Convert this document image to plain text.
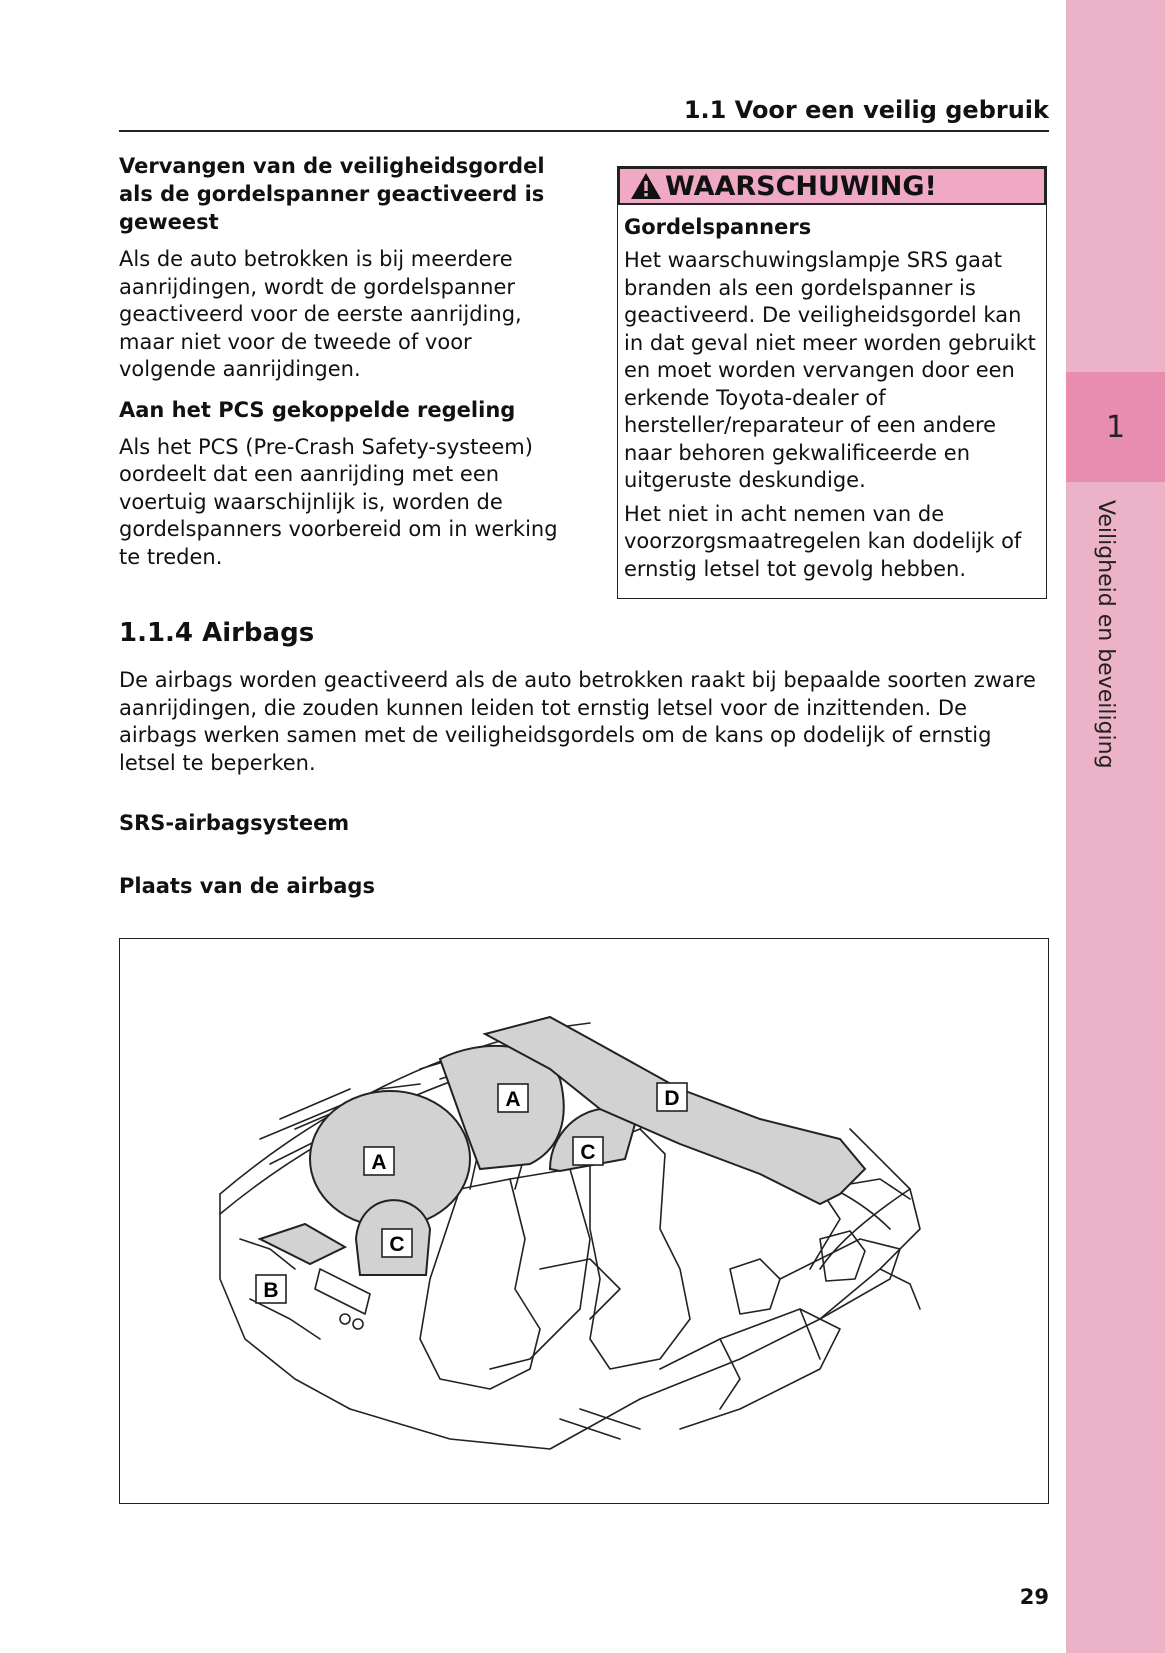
1
Veiligheid en beveiliging
1.1 Voor een veilig gebruik
Vervangen van de veiligheidsgordel als de gordelspanner geactiveerd is geweest

Als de auto betrokken is bij meerdere aanrijdingen, wordt de gordelspanner geactiveerd voor de eerste aanrijding, maar niet voor de tweede of voor volgende aanrijdingen.

Aan het PCS gekoppelde regeling

Als het PCS (Pre-Crash Safety-systeem) oordeelt dat een aanrijding met een voertuig waarschijnlijk is, worden de gordelspanners voorbereid om in werking te treden.

WAARSCHUWING!
Gordelspanners

Het waarschuwingslampje SRS gaat branden als een gordelspanner is geactiveerd. De veiligheidsgordel kan in dat geval niet meer worden gebruikt en moet worden vervangen door een erkende Toyota-dealer of hersteller/reparateur of een andere naar behoren gekwalificeerde en uitgeruste deskundige.

Het niet in acht nemen van de voorzorgsmaatregelen kan dodelijk of ernstig letsel tot gevolg hebben.

1.1.4 Airbags

De airbags worden geactiveerd als de auto betrokken raakt bij bepaalde soorten zware aanrijdingen, die zouden kunnen leiden tot ernstig letsel voor de inzittenden. De airbags werken samen met de veiligheidsgordels om de kans op dodelijk of ernstig letsel te beperken.

SRS-airbagsysteem
Plaats van de airbags
A
A	C
C
B
D
29
